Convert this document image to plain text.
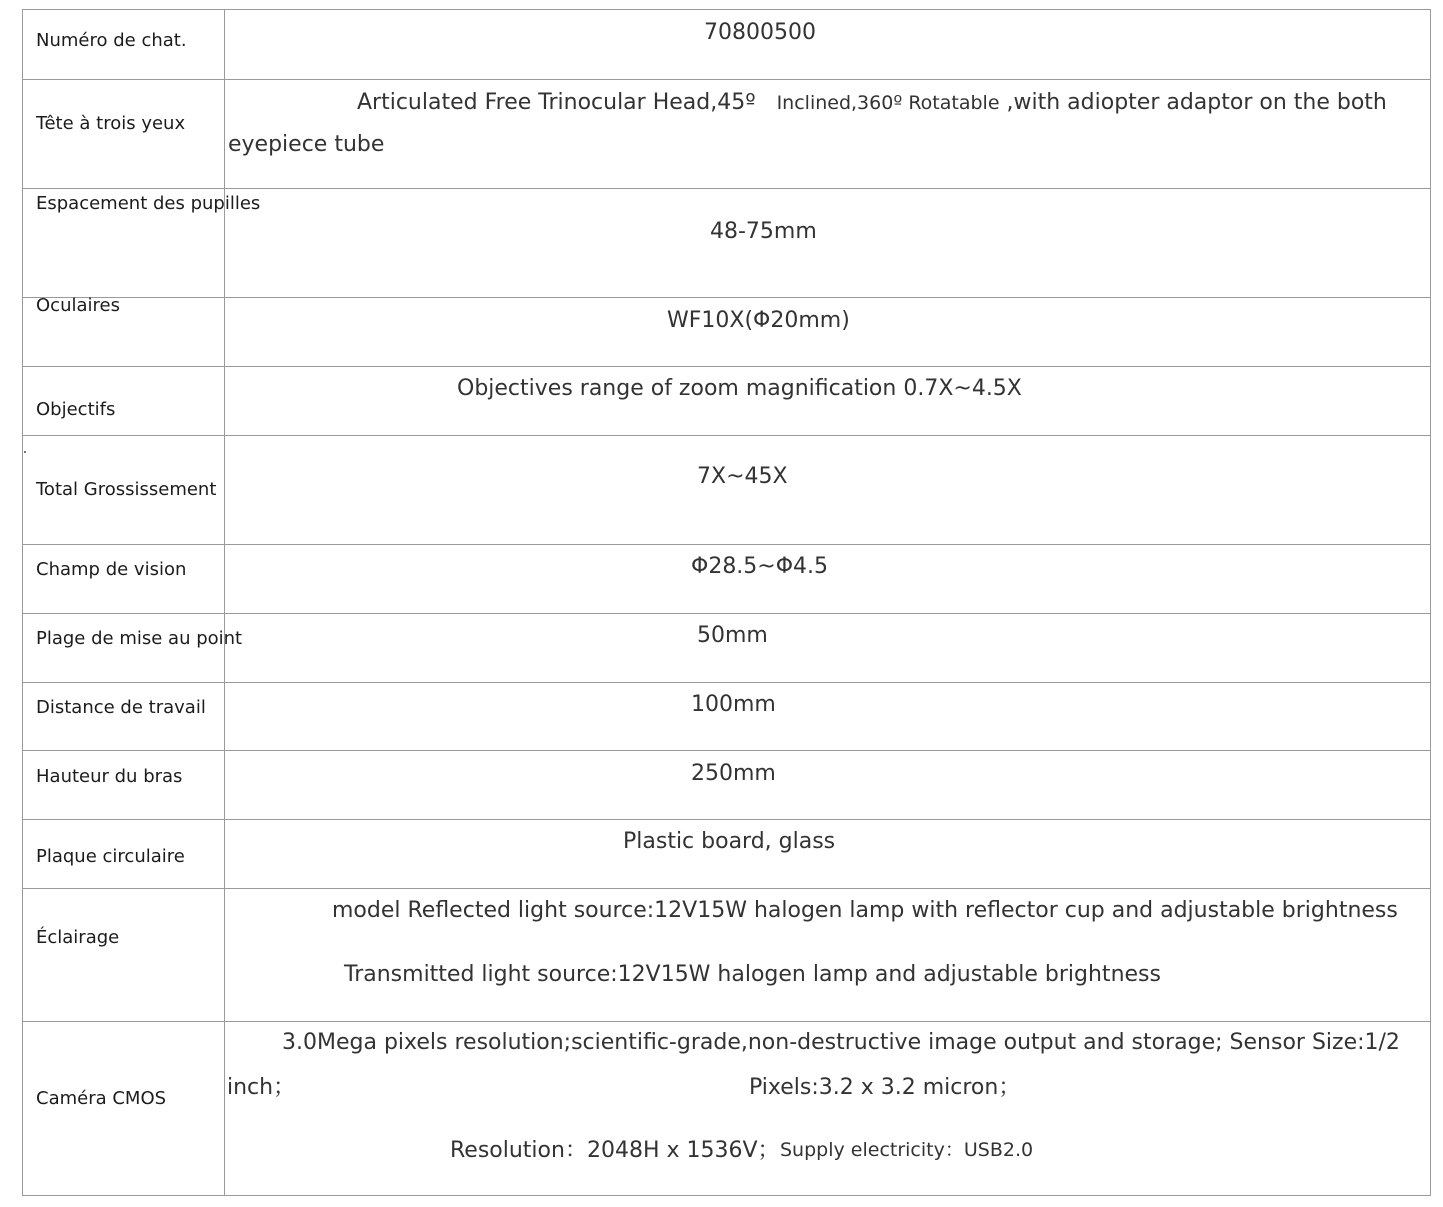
Numéro de chat.	70800500

Tête à trois yeux	Articulated Free Trinocular Head,45º Inclined,360º Rotatable ,with adiopter adaptor on the both eyepiece tube

Espacement des pupilles	48-75mm

Oculaires	WF10X(Φ20mm)

Objectifs	Objectives range of zoom magnification 0.7X~4.5X

Total Grossissement	7X~45X

Champ de vision	Φ28.5~Φ4.5

Plage de mise au point	50mm

Distance de travail	100mm

Hauteur du bras	250mm

Plaque circulaire	Plastic board, glass

Éclairage	model Reflected light source:12V15W halogen lamp with reflector cup and adjustable brightness
Transmitted light source:12V15W halogen lamp and adjustable brightness

Caméra CMOS	3.0Mega pixels resolution;scientific-grade,non-destructive image output and storage; Sensor Size:1/2
inch； Pixels:3.2 x 3.2 micron；
Resolution：2048H x 1536V； Supply electricity：USB2.0
